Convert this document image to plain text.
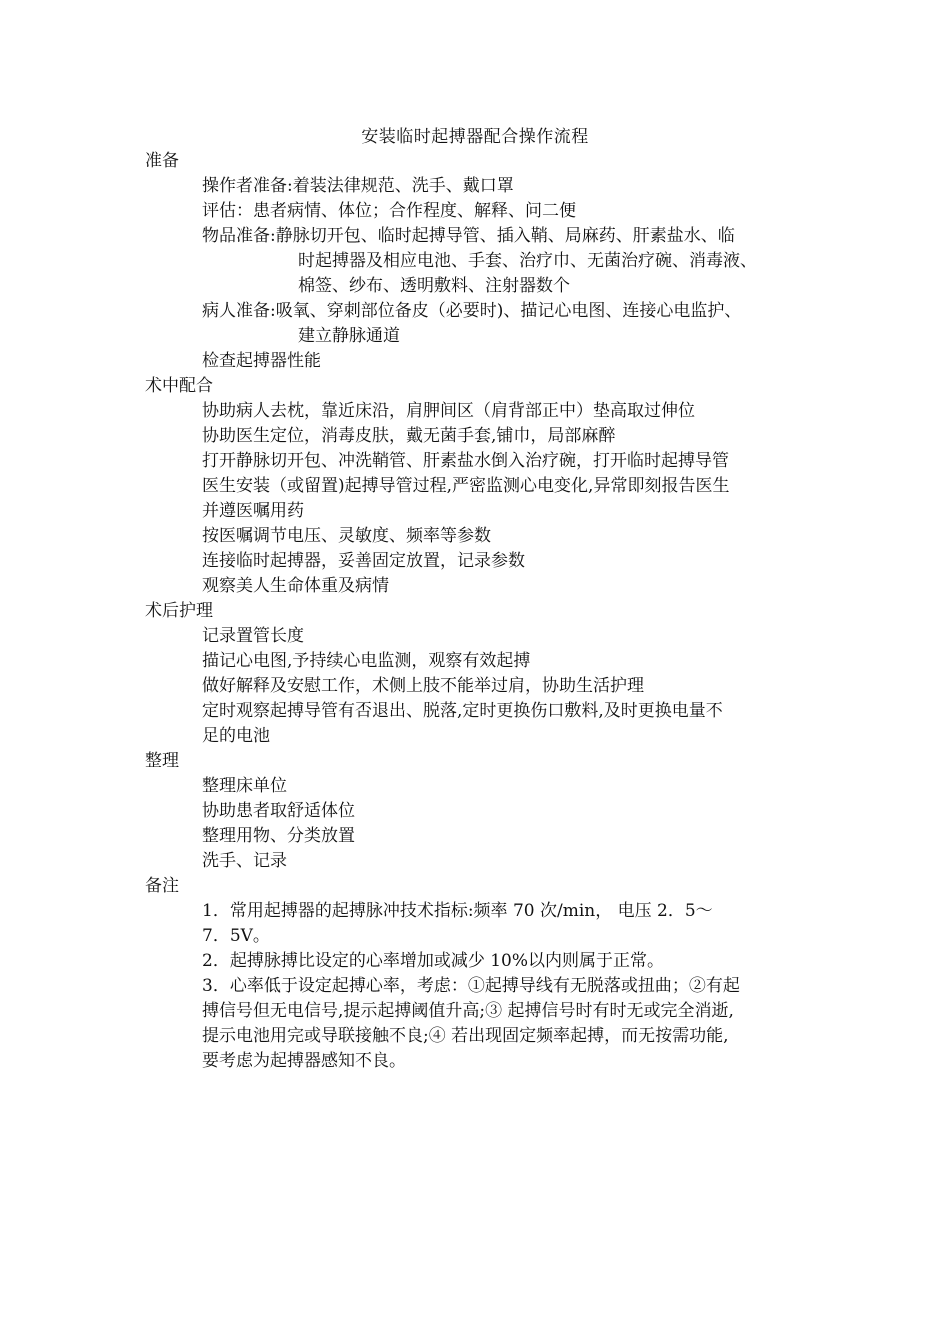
安装临时起搏器配合操作流程
准备
操作者准备:着装法律规范、洗手、戴口罩
评估：患者病情、体位；合作程度、解释、问二便
物品准备:静脉切开包、临时起搏导管、插入鞘、局麻药、肝素盐水、临
时起搏器及相应电池、手套、治疗巾、无菌治疗碗、消毒液、
棉签、纱布、透明敷料、注射器数个
病人准备:吸氧、穿刺部位备皮（必要时)、描记心电图、连接心电监护、
建立静脉通道
检查起搏器性能
术中配合
协助病人去枕，靠近床沿，肩胛间区（肩背部正中）垫高取过伸位
协助医生定位，消毒皮肤，戴无菌手套,铺巾，局部麻醉
打开静脉切开包、冲洗鞘管、肝素盐水倒入治疗碗，打开临时起搏导管
医生安装（或留置)起搏导管过程,严密监测心电变化,异常即刻报告医生
并遵医嘱用药
按医嘱调节电压、灵敏度、频率等参数
连接临时起搏器，妥善固定放置，记录参数
观察美人生命体重及病情
术后护理
记录置管长度
描记心电图,予持续心电监测，观察有效起搏
做好解释及安慰工作，术侧上肢不能举过肩，协助生活护理
定时观察起搏导管有否退出、脱落,定时更换伤口敷料,及时更换电量不
足的电池
整理
整理床单位
协助患者取舒适体位
整理用物、分类放置
洗手、记录
备注
1．常用起搏器的起搏脉冲技术指标:频率 70 次/min， 电压 2．5～
7．5V。
2．起搏脉搏比设定的心率增加或减少 10%以内则属于正常。
3．心率低于设定起搏心率，考虑：①起搏导线有无脱落或扭曲；②有起
搏信号但无电信号,提示起搏阈值升高;③ 起搏信号时有时无或完全消逝,
提示电池用完或导联接触不良;④ 若出现固定频率起搏，而无按需功能,
要考虑为起搏器感知不良。
